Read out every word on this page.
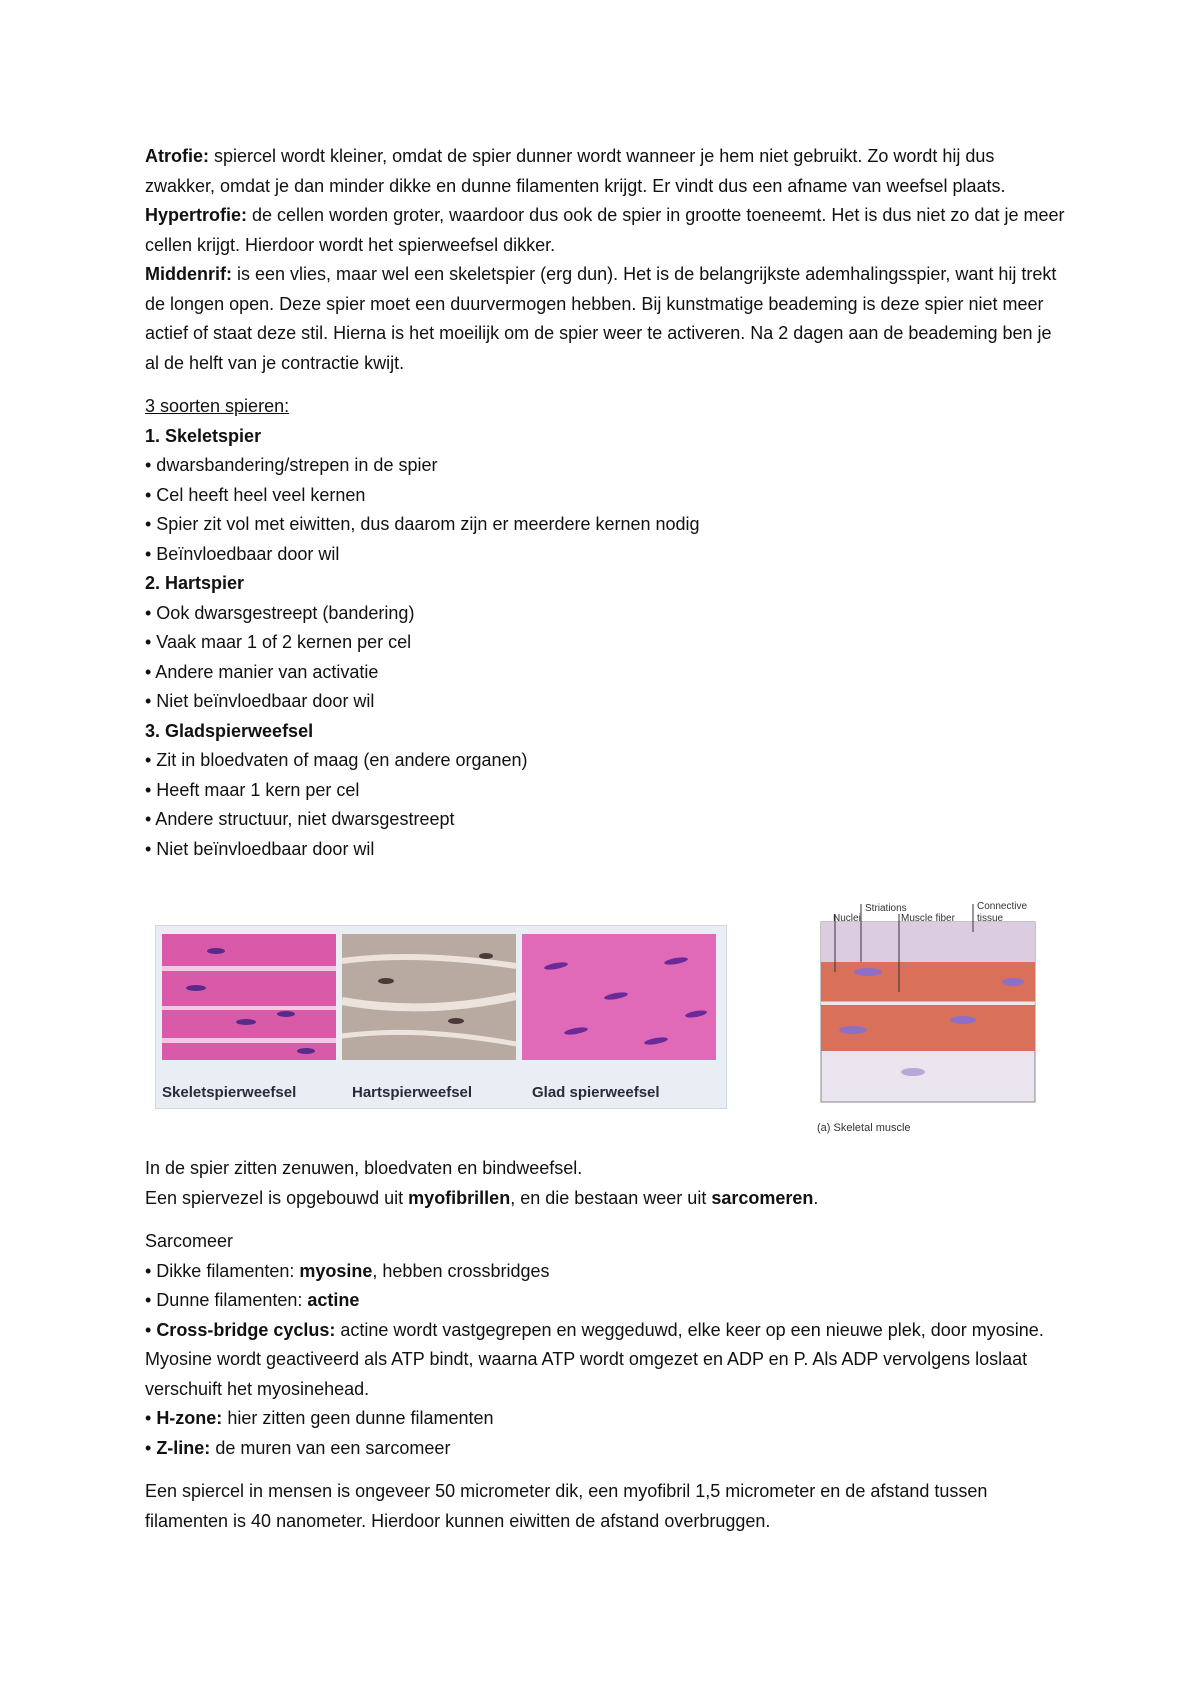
Atrofie: spiercel wordt kleiner, omdat de spier dunner wordt wanneer je hem niet gebruikt. Zo wordt hij dus zwakker, omdat je dan minder dikke en dunne filamenten krijgt. Er vindt dus een afname van weefsel plaats.

Hypertrofie: de cellen worden groter, waardoor dus ook de spier in grootte toeneemt. Het is dus niet zo dat je meer cellen krijgt. Hierdoor wordt het spierweefsel dikker.

Middenrif: is een vlies, maar wel een skeletspier (erg dun). Het is de belangrijkste ademhalingsspier, want hij trekt de longen open. Deze spier moet een duurvermogen hebben. Bij kunstmatige beademing is deze spier niet meer actief of staat deze stil. Hierna is het moeilijk om de spier weer te activeren. Na 2 dagen aan de beademing ben je al de helft van je contractie kwijt.

3 soorten spieren:
1. Skeletspier
• dwarsbandering/strepen in de spier
• Cel heeft heel veel kernen
• Spier zit vol met eiwitten, dus daarom zijn er meerdere kernen nodig
• Beïnvloedbaar door wil
2. Hartspier
• Ook dwarsgestreept (bandering)
• Vaak maar 1 of 2 kernen per cel
• Andere manier van activatie
• Niet beïnvloedbaar door wil
3. Gladspierweefsel
• Zit in bloedvaten of maag (en andere organen)
• Heeft maar 1 kern per cel
• Andere structuur, niet dwarsgestreept
• Niet beïnvloedbaar door wil
Skeletspierweefsel	Hartspierweefsel	Glad spierweefsel
Nuclei
Striations
Muscle fiber
Connective
tissue
(a) Skeletal muscle
In de spier zitten zenuwen, bloedvaten en bindweefsel.
Een spiervezel is opgebouwd uit myofibrillen, en die bestaan weer uit sarcomeren.
Sarcomeer
• Dikke filamenten: myosine, hebben crossbridges
• Dunne filamenten: actine
• Cross-bridge cyclus: actine wordt vastgegrepen en weggeduwd, elke keer op een nieuwe plek, door myosine. Myosine wordt geactiveerd als ATP bindt, waarna ATP wordt omgezet en ADP en P. Als ADP vervolgens loslaat verschuift het myosinehead.
• H-zone: hier zitten geen dunne filamenten
• Z-line: de muren van een sarcomeer

Een spiercel in mensen is ongeveer 50 micrometer dik, een myofibril 1,5 micrometer en de afstand tussen filamenten is 40 nanometer. Hierdoor kunnen eiwitten de afstand overbruggen.
